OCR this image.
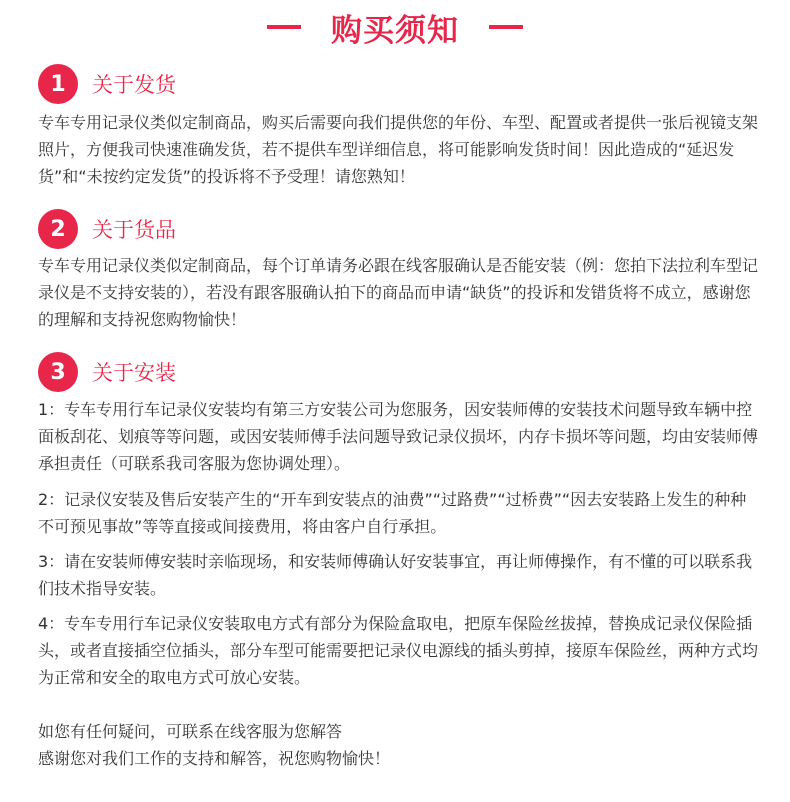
购买须知
1	关于发货

专车专用记录仪类似定制商品，购买后需要向我们提供您的年份、车型、配置或者提供一张后视镜支架照片，方便我司快速准确发货，若不提供车型详细信息，将可能影响发货时间！因此造成的“延迟发货”和“未按约定发货”的投诉将不予受理！请您熟知！

2	关于货品

专车专用记录仪类似定制商品，每个订单请务必跟在线客服确认是否能安装（例：您拍下法拉利车型记录仪是不支持安装的），若没有跟客服确认拍下的商品而申请“缺货”的投诉和发错货将不成立，感谢您的理解和支持祝您购物愉快！

3	关于安装

1：专车专用行车记录仪安装均有第三方安装公司为您服务，因安装师傅的安装技术问题导致车辆中控面板刮花、划痕等等问题，或因安装师傅手法问题导致记录仪损坏，内存卡损坏等问题，均由安装师傅承担责任（可联系我司客服为您协调处理）。

2：记录仪安装及售后安装产生的“开车到安装点的油费”“过路费”“过桥费”“因去安装路上发生的种种不可预见事故”等等直接或间接费用，将由客户自行承担。

3：请在安装师傅安装时亲临现场，和安装师傅确认好安装事宜，再让师傅操作，有不懂的可以联系我们技术指导安装。

4：专车专用行车记录仪安装取电方式有部分为保险盒取电，把原车保险丝拔掉，替换成记录仪保险插头，或者直接插空位插头，部分车型可能需要把记录仪电源线的插头剪掉，接原车保险丝，两种方式均为正常和安全的取电方式可放心安装。

如您有任何疑问，可联系在线客服为您解答
感谢您对我们工作的支持和解答，祝您购物愉快！
